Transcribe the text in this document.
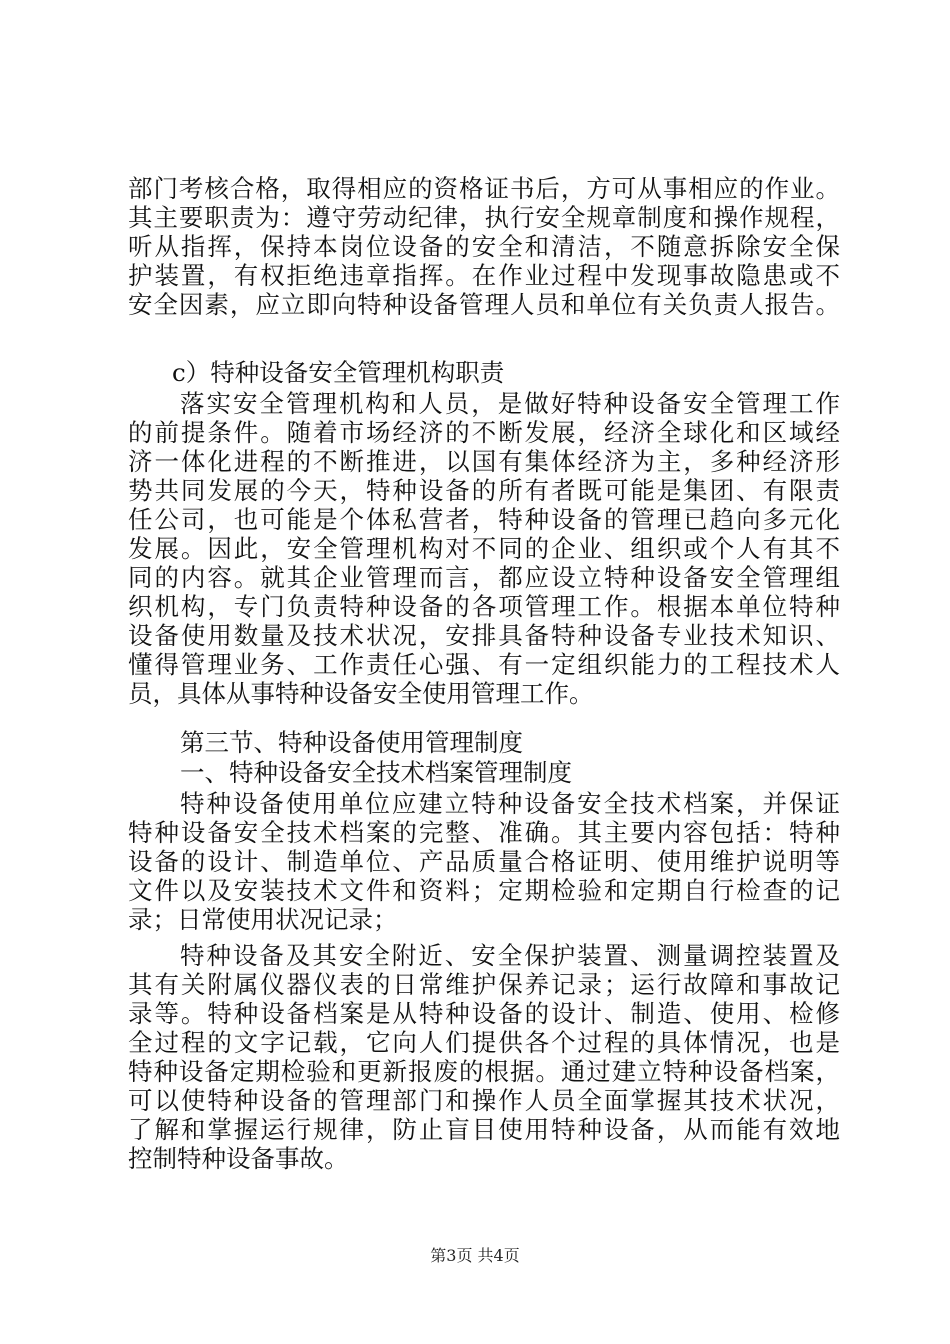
部门考核合格，取得相应的资格证书后，方可从事相应的作业。
其主要职责为：遵守劳动纪律，执行安全规章制度和操作规程，
听从指挥，保持本岗位设备的安全和清洁，不随意拆除安全保
护装置，有权拒绝违章指挥。在作业过程中发现事故隐患或不
安全因素，应立即向特种设备管理人员和单位有关负责人报告。
c）特种设备安全管理机构职责
落实安全管理机构和人员，是做好特种设备安全管理工作
的前提条件。随着市场经济的不断发展，经济全球化和区域经
济一体化进程的不断推进，以国有集体经济为主，多种经济形
势共同发展的今天，特种设备的所有者既可能是集团、有限责
任公司，也可能是个体私营者，特种设备的管理已趋向多元化
发展。因此，安全管理机构对不同的企业、组织或个人有其不
同的内容。就其企业管理而言，都应设立特种设备安全管理组
织机构，专门负责特种设备的各项管理工作。根据本单位特种
设备使用数量及技术状况，安排具备特种设备专业技术知识、
懂得管理业务、工作责任心强、有一定组织能力的工程技术人
员，具体从事特种设备安全使用管理工作。
第三节、特种设备使用管理制度
一、特种设备安全技术档案管理制度
特种设备使用单位应建立特种设备安全技术档案，并保证
特种设备安全技术档案的完整、准确。其主要内容包括：特种
设备的设计、制造单位、产品质量合格证明、使用维护说明等
文件以及安装技术文件和资料；定期检验和定期自行检查的记
录；日常使用状况记录；
特种设备及其安全附近、安全保护装置、测量调控装置及
其有关附属仪器仪表的日常维护保养记录；运行故障和事故记
录等。特种设备档案是从特种设备的设计、制造、使用、检修
全过程的文字记载，它向人们提供各个过程的具体情况，也是
特种设备定期检验和更新报废的根据。通过建立特种设备档案，
可以使特种设备的管理部门和操作人员全面掌握其技术状况，
了解和掌握运行规律，防止盲目使用特种设备，从而能有效地
控制特种设备事故。
第3页 共4页
